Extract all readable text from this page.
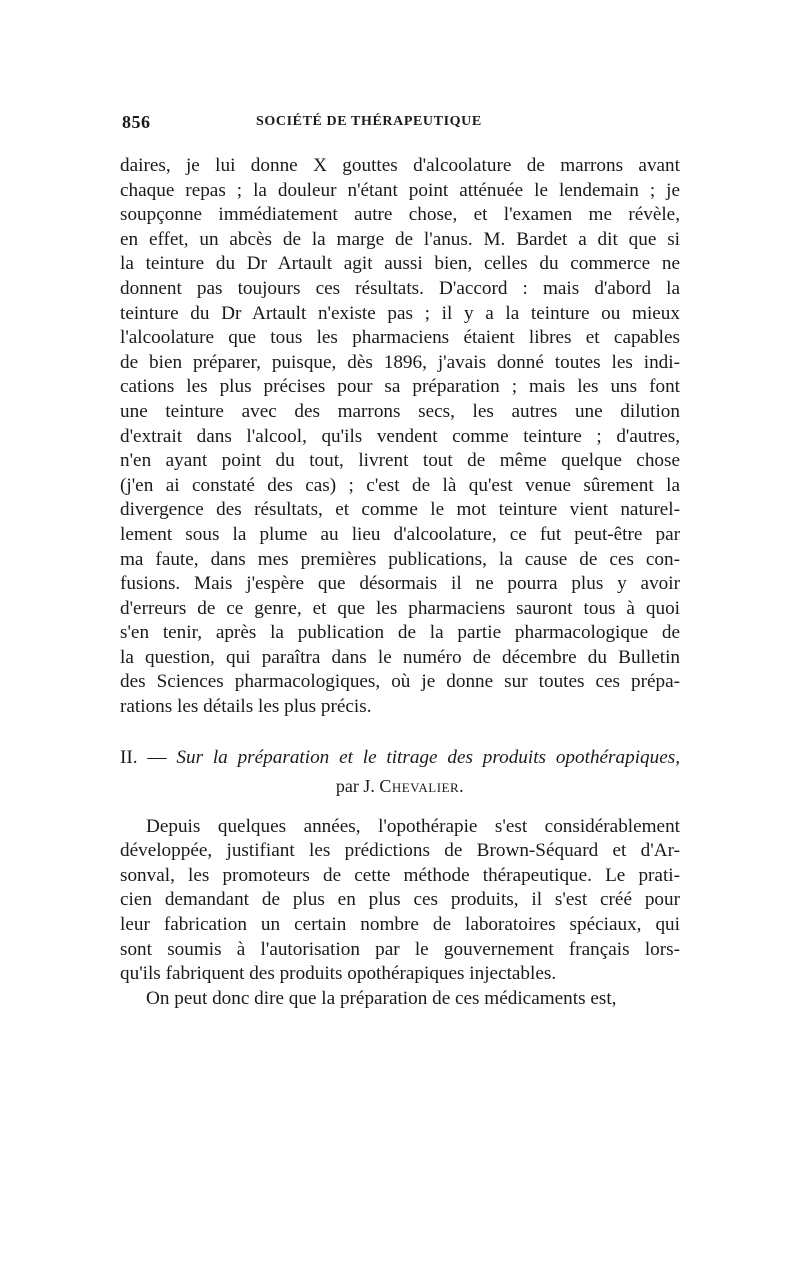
856	SOCIÉTÉ DE THÉRAPEUTIQUE
daires, je lui donne X gouttes d'alcoolature de marrons avant
chaque repas ; la douleur n'étant point atténuée le lendemain ; je
soupçonne immédiatement autre chose, et l'examen me révèle,
en effet, un abcès de la marge de l'anus. M. Bardet a dit que si
la teinture du Dr Artault agit aussi bien, celles du commerce ne
donnent pas toujours ces résultats. D'accord : mais d'abord la
teinture du Dr Artault n'existe pas ; il y a la teinture ou mieux
l'alcoolature que tous les pharmaciens étaient libres et capables
de bien préparer, puisque, dès 1896, j'avais donné toutes les indi-
cations les plus précises pour sa préparation ; mais les uns font
une teinture avec des marrons secs, les autres une dilution
d'extrait dans l'alcool, qu'ils vendent comme teinture ; d'autres,
n'en ayant point du tout, livrent tout de même quelque chose
(j'en ai constaté des cas) ; c'est de là qu'est venue sûrement la
divergence des résultats, et comme le mot teinture vient naturel-
lement sous la plume au lieu d'alcoolature, ce fut peut-être par
ma faute, dans mes premières publications, la cause de ces con-
fusions. Mais j'espère que désormais il ne pourra plus y avoir
d'erreurs de ce genre, et que les pharmaciens sauront tous à quoi
s'en tenir, après la publication de la partie pharmacologique de
la question, qui paraîtra dans le numéro de décembre du Bulletin
des Sciences pharmacologiques, où je donne sur toutes ces prépa-
rations les détails les plus précis.
II. — Sur la préparation et le titrage des produits opothérapiques,
par J. Chevalier.
Depuis quelques années, l'opothérapie s'est considérablement
développée, justifiant les prédictions de Brown-Séquard et d'Ar-
sonval, les promoteurs de cette méthode thérapeutique. Le prati-
cien demandant de plus en plus ces produits, il s'est créé pour
leur fabrication un certain nombre de laboratoires spéciaux, qui
sont soumis à l'autorisation par le gouvernement français lors-
qu'ils fabriquent des produits opothérapiques injectables.
On peut donc dire que la préparation de ces médicaments est,
